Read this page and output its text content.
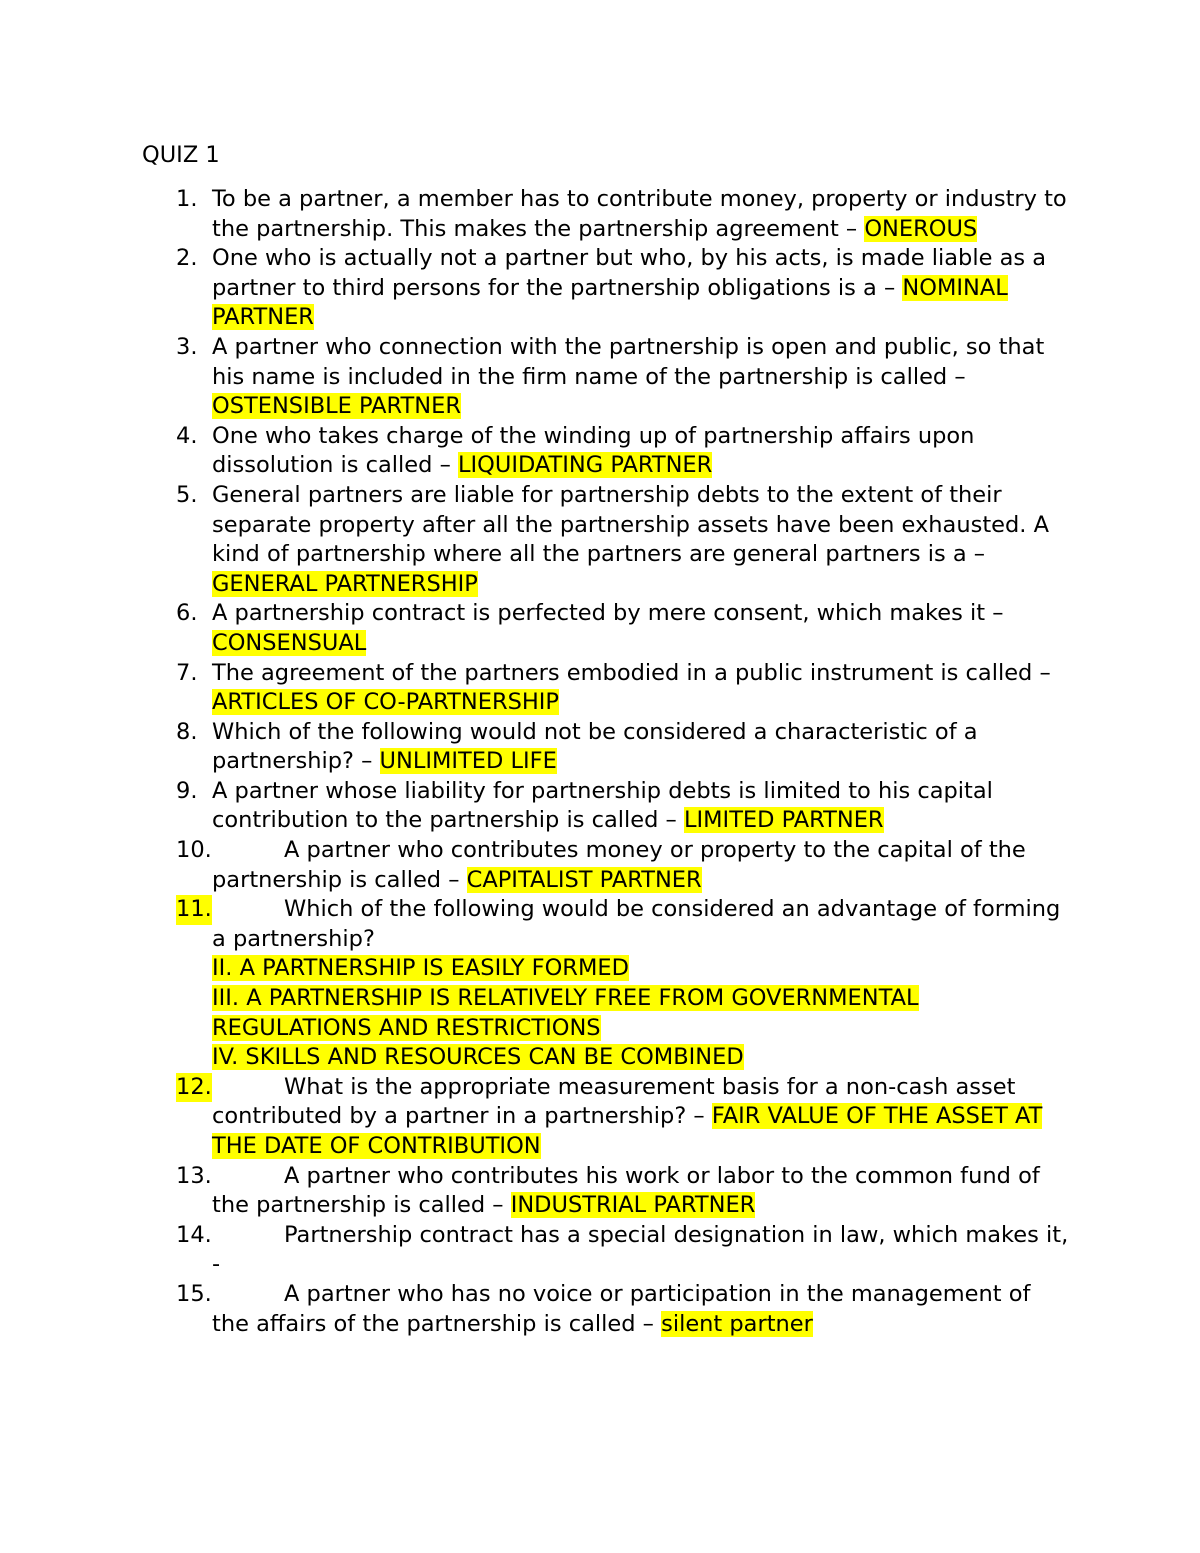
QUIZ 1
1. To be a partner, a member has to contribute money, property or industry to the partnership. This makes the partnership agreement – ONEROUS
2. One who is actually not a partner but who, by his acts, is made liable as a partner to third persons for the partnership obligations is a – NOMINAL PARTNER
3. A partner who connection with the partnership is open and public, so that his name is included in the firm name of the partnership is called – OSTENSIBLE PARTNER
4. One who takes charge of the winding up of partnership affairs upon dissolution is called – LIQUIDATING PARTNER
5. General partners are liable for partnership debts to the extent of their separate property after all the partnership assets have been exhausted. A kind of partnership where all the partners are general partners is a – GENERAL PARTNERSHIP
6. A partnership contract is perfected by mere consent, which makes it – CONSENSUAL
7. The agreement of the partners embodied in a public instrument is called – ARTICLES OF CO-PARTNERSHIP
8. Which of the following would not be considered a characteristic of a partnership? – UNLIMITED LIFE
9. A partner whose liability for partnership debts is limited to his capital contribution to the partnership is called – LIMITED PARTNER
10.	A partner who contributes money or property to the capital of the partnership is called – CAPITALIST PARTNER
11.	Which of the following would be considered an advantage of forming a partnership?
II. A PARTNERSHIP IS EASILY FORMED
III. A PARTNERSHIP IS RELATIVELY FREE FROM GOVERNMENTAL REGULATIONS AND RESTRICTIONS
IV. SKILLS AND RESOURCES CAN BE COMBINED
12.	What is the appropriate measurement basis for a non-cash asset contributed by a partner in a partnership? – FAIR VALUE OF THE ASSET AT THE DATE OF CONTRIBUTION
13.	A partner who contributes his work or labor to the common fund of the partnership is called – INDUSTRIAL PARTNER
14.	Partnership contract has a special designation in law, which makes it, -
15.	A partner who has no voice or participation in the management of the affairs of the partnership is called – silent partner
